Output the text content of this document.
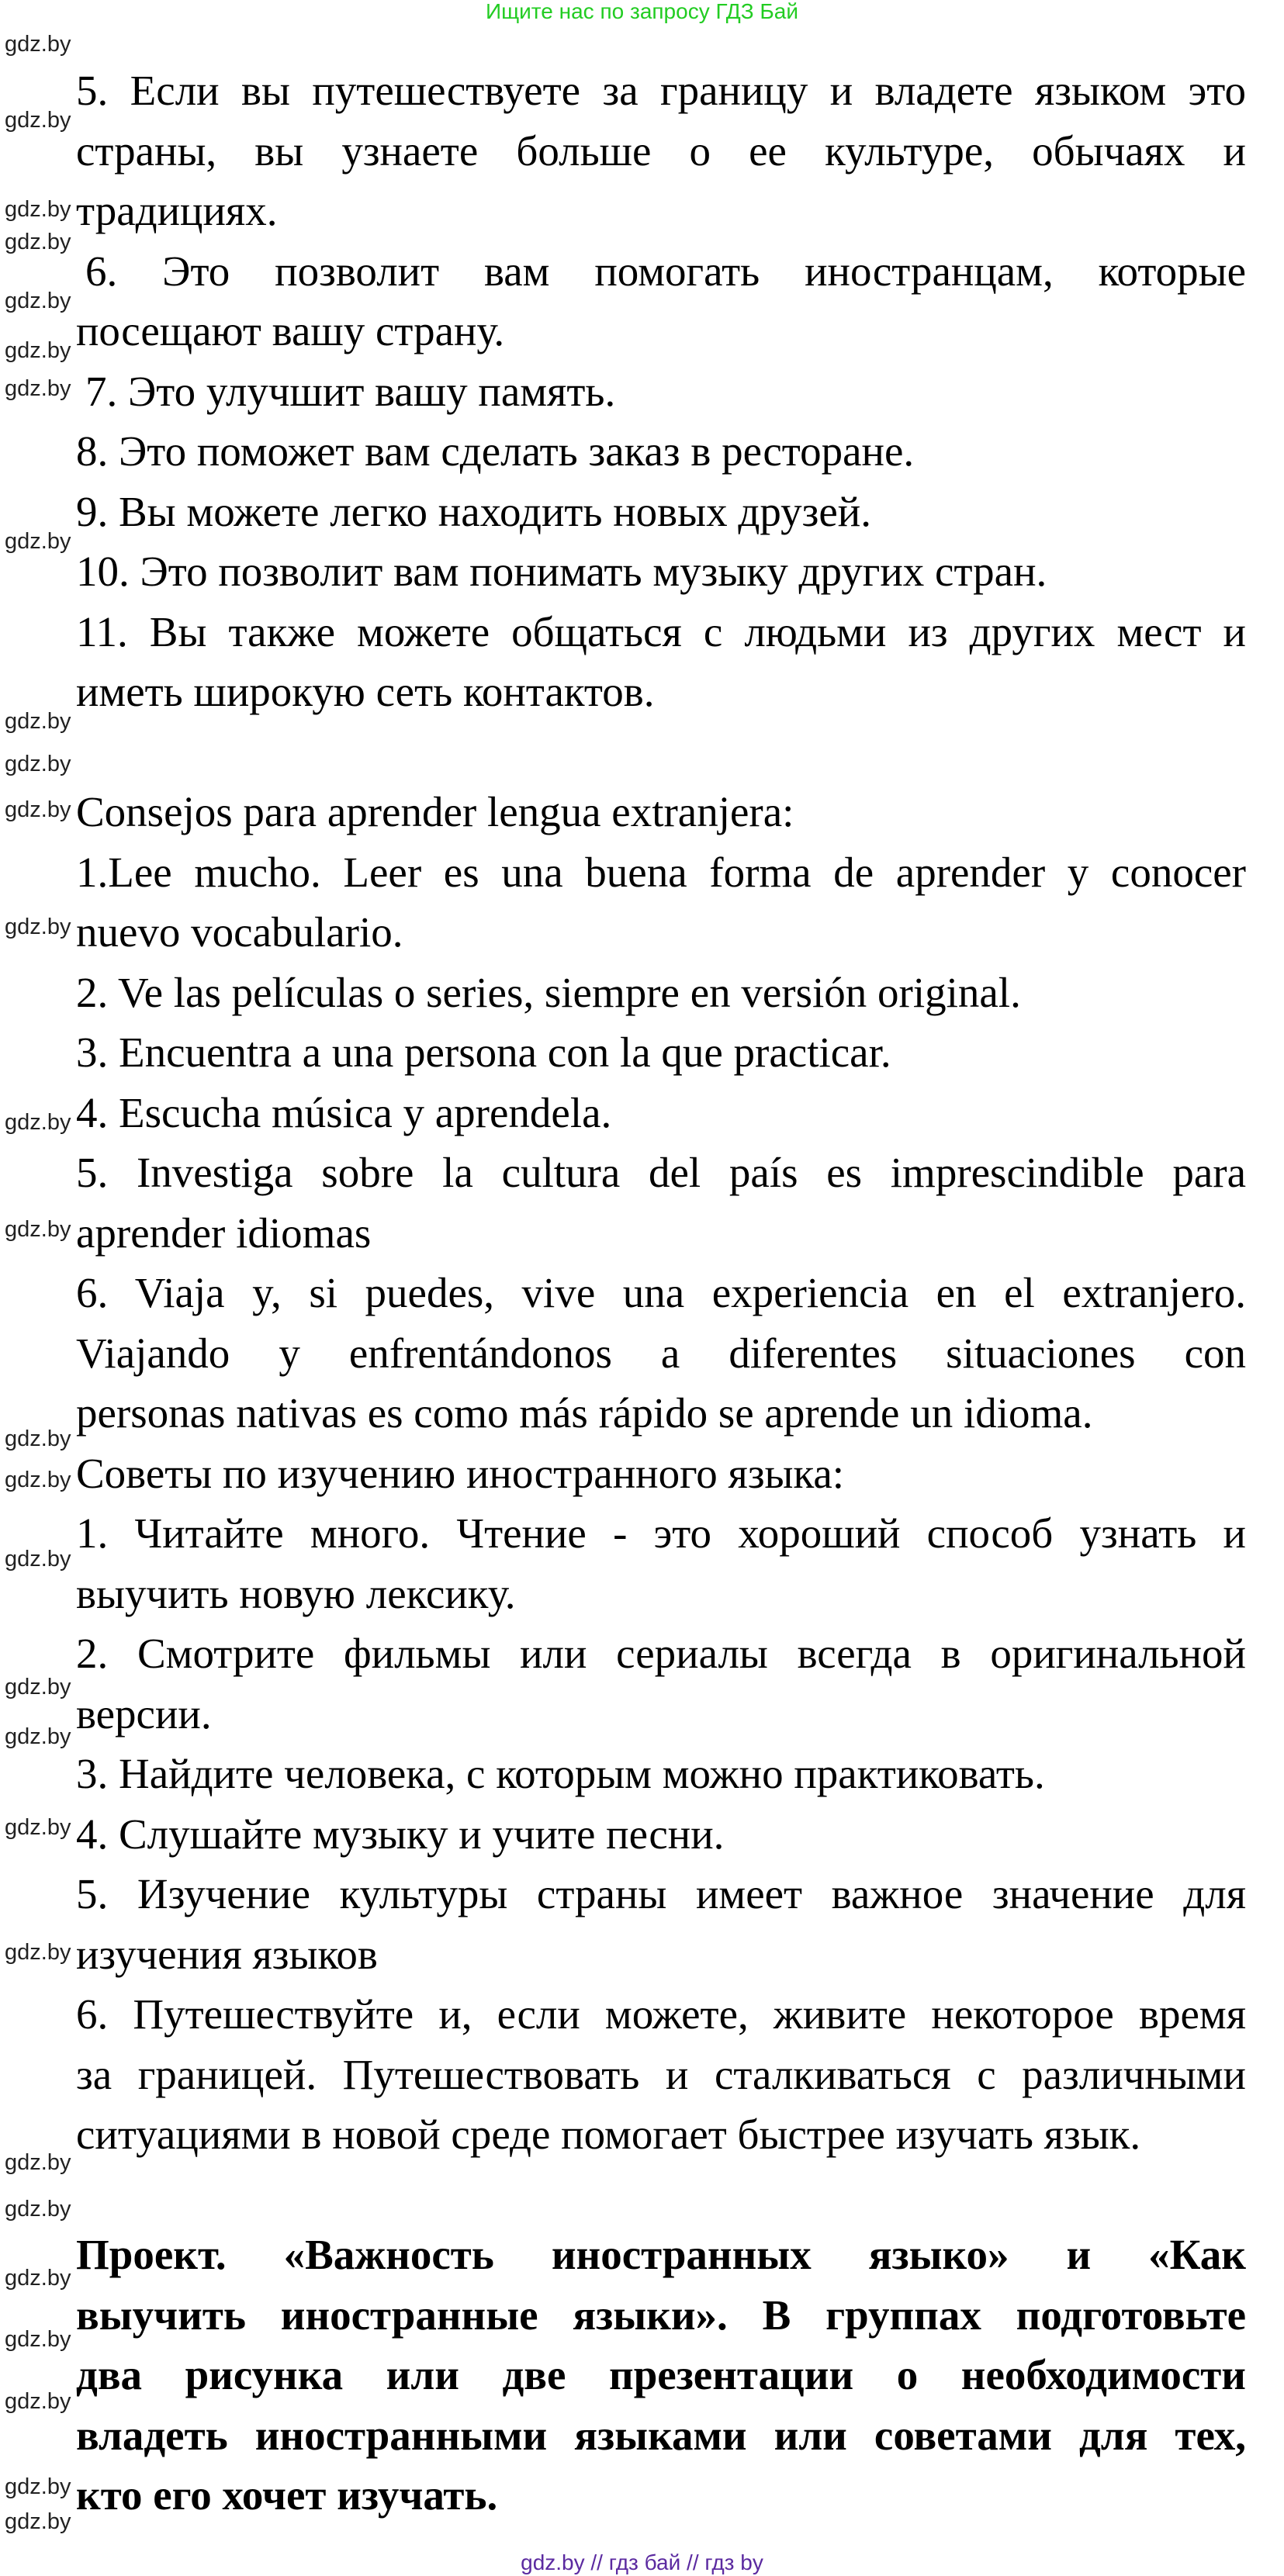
Ищите нас по запросу ГДЗ Бай
5. Если вы путешествуете за границу и владете языком это
страны, вы узнаете больше о ее культуре, обычаях и
традициях.
6. Это позволит вам помогать иностранцам, которые
посещают вашу страну.
7. Это улучшит вашу память.
8. Это поможет вам сделать заказ в ресторане.
9. Вы можете легко находить новых друзей.
10. Это позволит вам понимать музыку других стран.
11. Вы также можете общаться с людьми из других мест и
иметь широкую сеть контактов.
Consejos para aprender lengua extranjera:
1.Lee mucho. Leer es una buena forma de aprender y conocer
nuevo vocabulario.
2. Ve las películas o series, siempre en versión original.
3. Encuentra a una persona con la que practicar.
4. Escucha música y aprendela.
5. Investiga sobre la cultura del país es imprescindible para
aprender idiomas
6. Viaja y, si puedes, vive una experiencia en el extranjero.
Viajando y enfrentándonos a diferentes situaciones con
personas nativas es como más rápido se aprende un idioma.
Советы по изучению иностранного языка:
1. Читайте много. Чтение - это хороший способ узнать и
выучить новую лексику.
2. Смотрите фильмы или сериалы всегда в оригинальной
версии.
3. Найдите человека, с которым можно практиковать.
4. Слушайте музыку и учите песни.
5. Изучение культуры страны имеет важное значение для
изучения языков
6. Путешествуйте и, если можете, живите некоторое время
за границей. Путешествовать и сталкиваться с различными
ситуациями в новой среде помогает быстрее изучать язык.
Проект. «Важность иностранных языко» и «Как
выучить иностранные языки». В группах подготовьте
два рисунка или две презентации о необходимости
владеть иностранными языками или советами для тех,
кто его хочет изучать.
gdz.by
gdz.by
gdz.by
gdz.by
gdz.by
gdz.by
gdz.by
gdz.by
gdz.by
gdz.by
gdz.by
gdz.by
gdz.by
gdz.by
gdz.by
gdz.by
gdz.by
gdz.by
gdz.by
gdz.by
gdz.by
gdz.by
gdz.by
gdz.by
gdz.by
gdz.by
gdz.by
gdz.by
gdz.by // гдз бай // гдз by
